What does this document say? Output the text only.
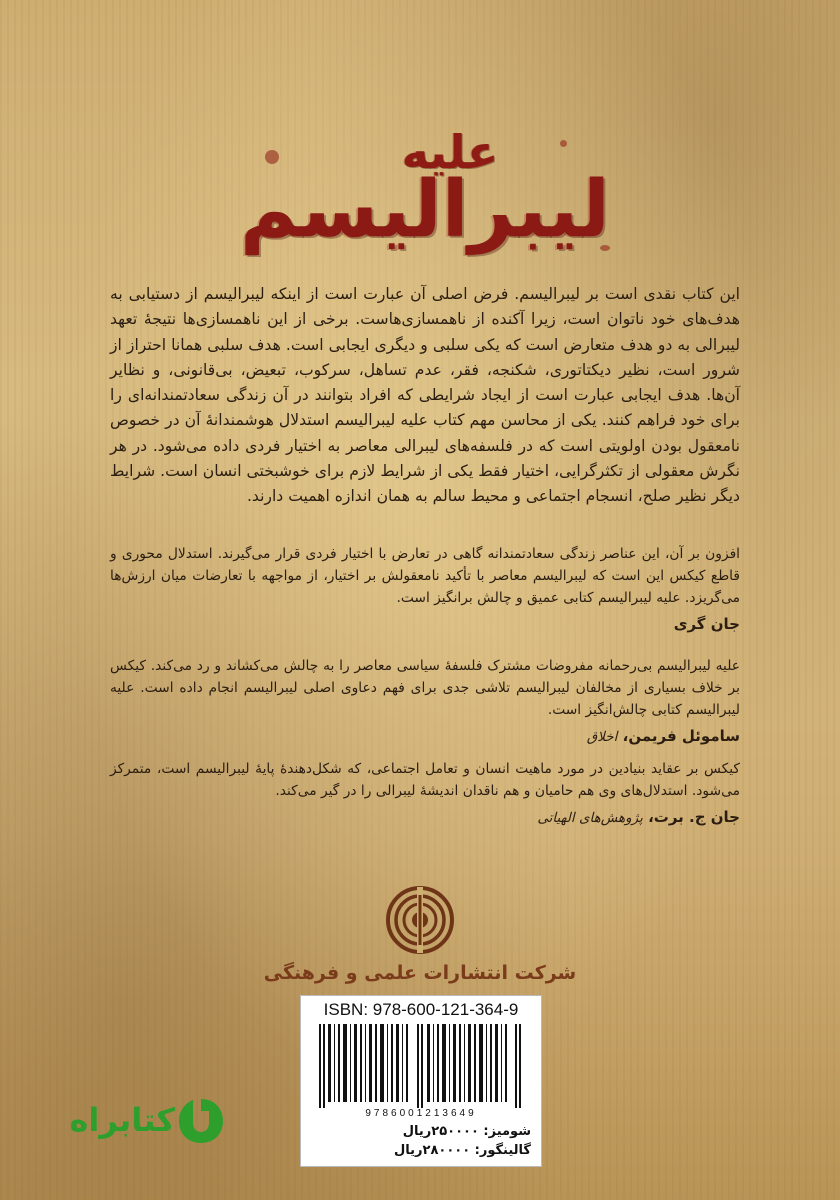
علیه
لیبرالیسم
این کتاب نقدی است بر لیبرالیسم. فرض اصلی آن عبارت است از اینکه لیبرالیسم از دستیابی به هدف‌های خود ناتوان است، زیرا آکنده از ناهمسازی‌هاست. برخی از این ناهمسازی‌ها نتیجهٔ تعهد لیبرالی به دو هدف متعارض است که یکی سلبی و دیگری ایجابی است. هدف سلبی همانا احتراز از شرور است، نظیر دیکتاتوری، شکنجه، فقر، عدم تساهل، سرکوب، تبعیض، بی‌قانونی، و نظایر آن‌ها. هدف ایجابی عبارت است از ایجاد شرایطی که افراد بتوانند در آن زندگی سعادتمندانه‌ای را برای خود فراهم کنند. یکی از محاسن مهم کتاب علیه لیبرالیسم استدلال هوشمندانهٔ آن در خصوص نامعقول بودن اولویتی است که در فلسفه‌های لیبرالی معاصر به اختیار فردی داده می‌شود. در هر نگرش معقولی از تکثرگرایی، اختیار فقط یکی از شرایط لازم برای خوشبختی انسان است. شرایط دیگر نظیر صلح، انسجام اجتماعی و محیط سالم به همان اندازه اهمیت دارند.
افزون بر آن، این عناصر زندگی سعادتمندانه گاهی در تعارض با اختیار فردی قرار می‌گیرند. استدلال محوری و قاطع کیکس این است که لیبرالیسم معاصر با تأکید نامعقولش بر اختیار، از مواجهه با تعارضات میان ارزش‌ها می‌گریزد. علیه لیبرالیسم کتابی عمیق و چالش برانگیز است.
جان گری
علیه لیبرالیسم بی‌رحمانه مفروضات مشترک فلسفهٔ سیاسی معاصر را به چالش می‌کشاند و رد می‌کند. کیکس بر خلاف بسیاری از مخالفان لیبرالیسم تلاشی جدی برای فهم دعاوی اصلی لیبرالیسم انجام داده است. علیه لیبرالیسم کتابی چالش‌انگیز است.
ساموئل فریمن، اخلاق
کیکس بر عقاید بنیادین در مورد ماهیت انسان و تعامل اجتماعی، که شکل‌دهندهٔ پایهٔ لیبرالیسم است، متمرکز می‌شود. استدلال‌های وی هم حامیان و هم ناقدان اندیشهٔ لیبرالی را در گیر می‌کند.
جان ج. برت، پژوهش‌های الهیاتی
شرکت انتشارات علمی و فرهنگی
ISBN: 978-600-121-364-9
9786001213649
شومیز: ۲۵۰۰۰۰ریال
گالینگور: ۲۸۰۰۰۰ریال
کتابراه
